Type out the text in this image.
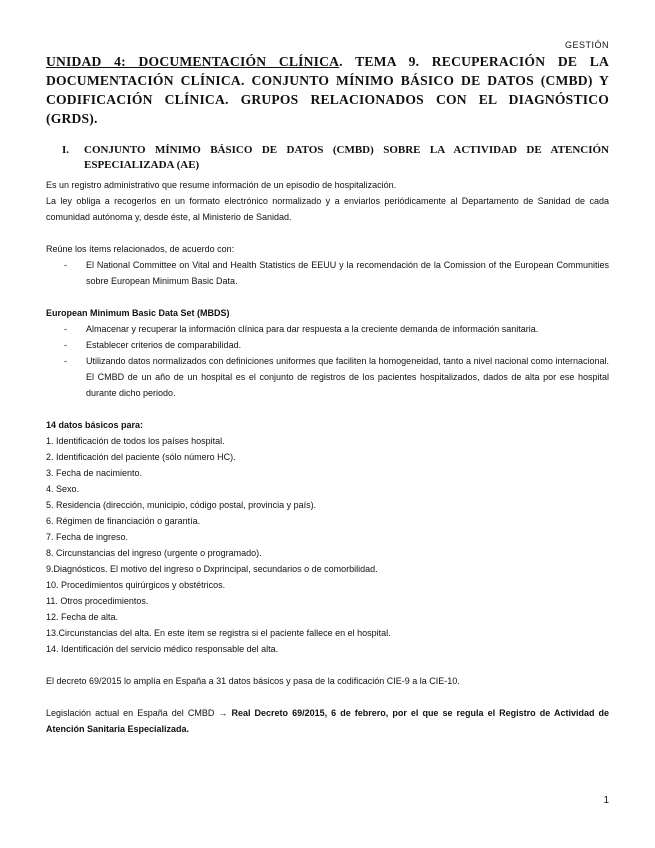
GESTIÓN
UNIDAD 4: DOCUMENTACIÓN CLÍNICA. TEMA 9. RECUPERACIÓN DE LA DOCUMENTACIÓN CLÍNICA. CONJUNTO MÍNIMO BÁSICO DE DATOS (CMBD) Y CODIFICACIÓN CLÍNICA. GRUPOS RELACIONADOS CON EL DIAGNÓSTICO (GRDS).
I. CONJUNTO MÍNIMO BÁSICO DE DATOS (CMBD) SOBRE LA ACTIVIDAD DE ATENCIÓN ESPECIALIZADA (AE)

Es un registro administrativo que resume información de un episodio de hospitalización.

La ley obliga a recogerlos en un formato electrónico normalizado y a enviarlos periódicamente al Departamento de Sanidad de cada comunidad autónoma y, desde éste, al Ministerio de Sanidad.

Reúne los ítems relacionados, de acuerdo con:

- El National Committee on Vital and Health Statistics de EEUU y la recomendación de la Comission of the European Communities sobre European Minimum Basic Data.

European Minimum Basic Data Set (MBDS)

- Almacenar y recuperar la información clínica para dar respuesta a la creciente demanda de información sanitaria.
- Establecer criterios de comparabilidad.
- Utilizando datos normalizados con definiciones uniformes que faciliten la homogeneidad, tanto a nivel nacional como internacional. El CMBD de un año de un hospital es el conjunto de registros de los pacientes hospitalizados, dados de alta por ese hospital durante dicho periodo.

14 datos básicos para:

1. Identificación de todos los países hospital.

2. Identificación del paciente (sólo número HC).

3. Fecha de nacimiento.

4. Sexo.

5. Residencia (dirección, municipio, código postal, provincia y país).

6. Régimen de financiación o garantía.

7. Fecha de ingreso.

8. Circunstancias del ingreso (urgente o programado).

9.Diagnósticos. El motivo del ingreso o Dxprincipal, secundarios o de comorbilidad.

10. Procedimientos quirúrgicos y obstétricos.

11. Otros procedimientos.

12. Fecha de alta.

13.Circunstancias del alta. En este ítem se registra si el paciente fallece en el hospital.

14. Identificación del servicio médico responsable del alta.

El decreto 69/2015 lo amplía en España a 31 datos básicos y pasa de la codificación CIE-9 a la CIE-10.

Legislación actual en España del CMBD → Real Decreto 69/2015, 6 de febrero, por el que se regula el Registro de Actividad de Atención Sanitaria Especializada.

1
